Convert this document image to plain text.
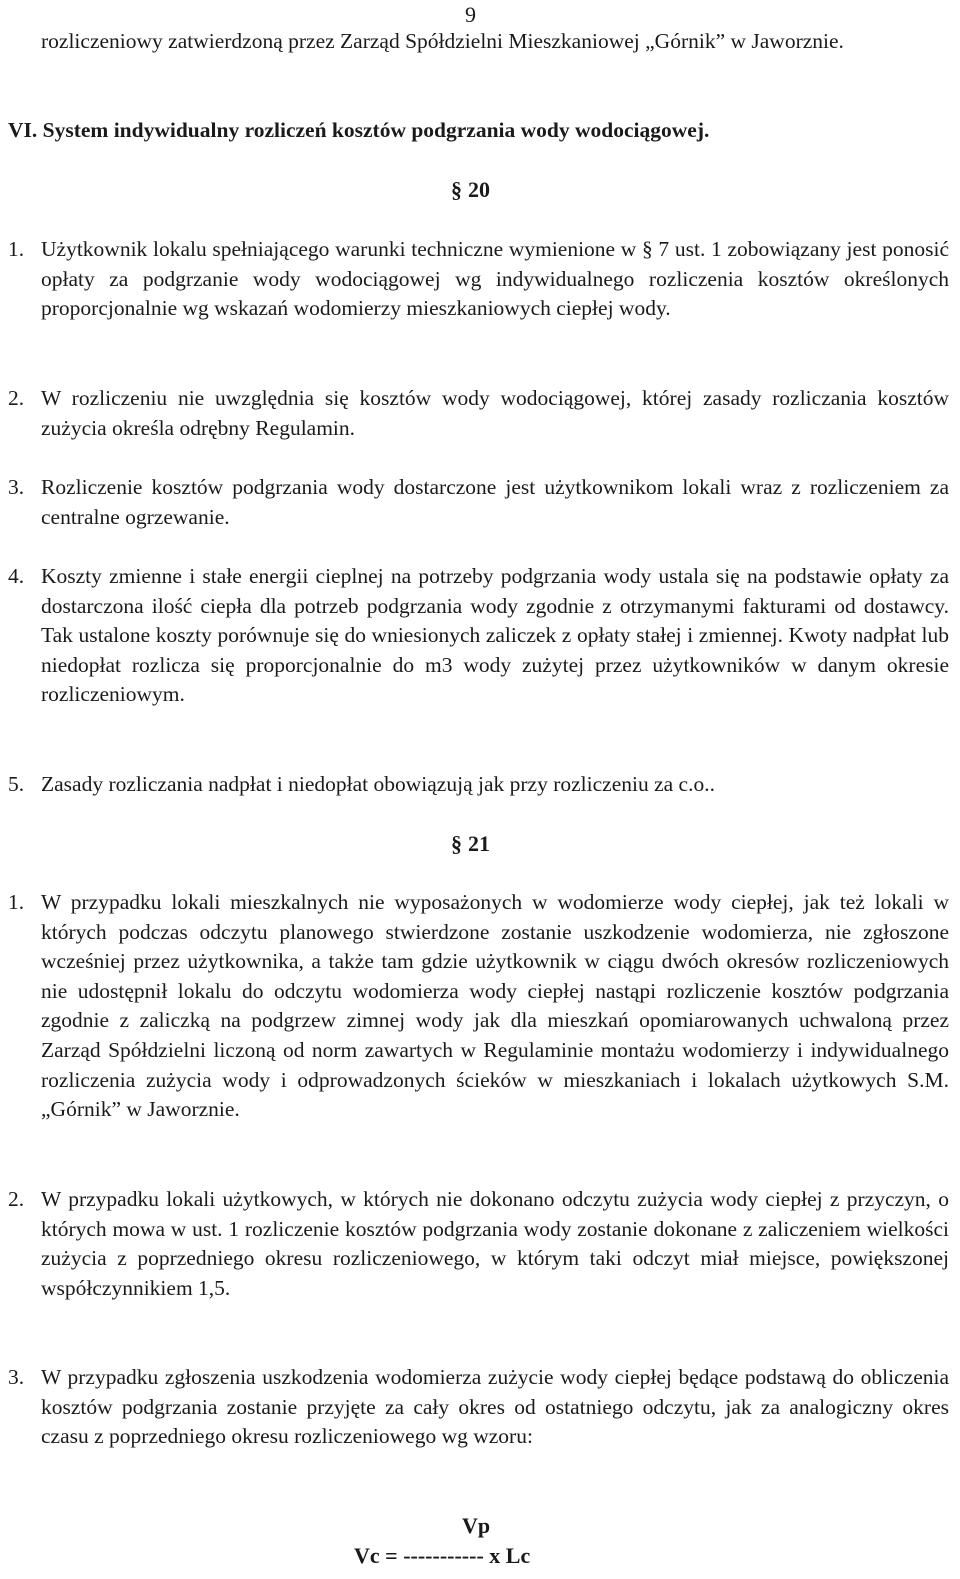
9

rozliczeniowy zatwierdzoną przez Zarząd Spółdzielni Mieszkaniowej „Górnik” w Jaworznie.

VI. System indywidualny rozliczeń kosztów podgrzania wody wodociągowej.
§ 20

1. Użytkownik lokalu spełniającego warunki techniczne wymienione w § 7 ust. 1 zobowiązany jest ponosić opłaty za podgrzanie wody wodociągowej wg indywidualnego rozliczenia kosztów określonych proporcjonalnie wg wskazań wodomierzy mieszkaniowych ciepłej wody.

2. W rozliczeniu nie uwzględnia się kosztów wody wodociągowej, której zasady rozliczania kosztów zużycia określa odrębny Regulamin.

3. Rozliczenie kosztów podgrzania wody dostarczone jest użytkownikom lokali wraz z rozliczeniem za centralne ogrzewanie.

4. Koszty zmienne i stałe energii cieplnej na potrzeby podgrzania wody ustala się na podstawie opłaty za dostarczona ilość ciepła dla potrzeb podgrzania wody zgodnie z otrzymanymi fakturami od dostawcy. Tak ustalone koszty porównuje się do wniesionych zaliczek z opłaty stałej i zmiennej. Kwoty nadpłat lub niedopłat rozlicza się proporcjonalnie do m3 wody zużytej przez użytkowników w danym okresie rozliczeniowym.

5. Zasady rozliczania nadpłat i niedopłat obowiązują jak przy rozliczeniu za c.o..

§ 21

1. W przypadku lokali mieszkalnych nie wyposażonych w wodomierze wody ciepłej, jak też lokali w których podczas odczytu planowego stwierdzone zostanie uszkodzenie wodomierza, nie zgłoszone wcześniej przez użytkownika, a także tam gdzie użytkownik w ciągu dwóch okresów rozliczeniowych nie udostępnił lokalu do odczytu wodomierza wody ciepłej nastąpi rozliczenie kosztów podgrzania zgodnie z zaliczką na podgrzew zimnej wody jak dla mieszkań opomiarowanych uchwaloną przez Zarząd Spółdzielni liczoną od norm zawartych w Regulaminie montażu wodomierzy i indywidualnego rozliczenia zużycia wody i odprowadzonych ścieków w mieszkaniach i lokalach użytkowych S.M. „Górnik” w Jaworznie.

2. W przypadku lokali użytkowych, w których nie dokonano odczytu zużycia wody ciepłej z przyczyn, o których mowa w ust. 1 rozliczenie kosztów podgrzania wody zostanie dokonane z zaliczeniem wielkości zużycia z poprzedniego okresu rozliczeniowego, w którym taki odczyt miał miejsce, powiększonej współczynnikiem 1,5.

3. W przypadku zgłoszenia uszkodzenia wodomierza zużycie wody ciepłej będące podstawą do obliczenia kosztów podgrzania zostanie przyjęte za cały okres od ostatniego odczytu, jak za analogiczny okres czasu z poprzedniego okresu rozliczeniowego wg wzoru:

Vp
Vc = ----------- x Lc
